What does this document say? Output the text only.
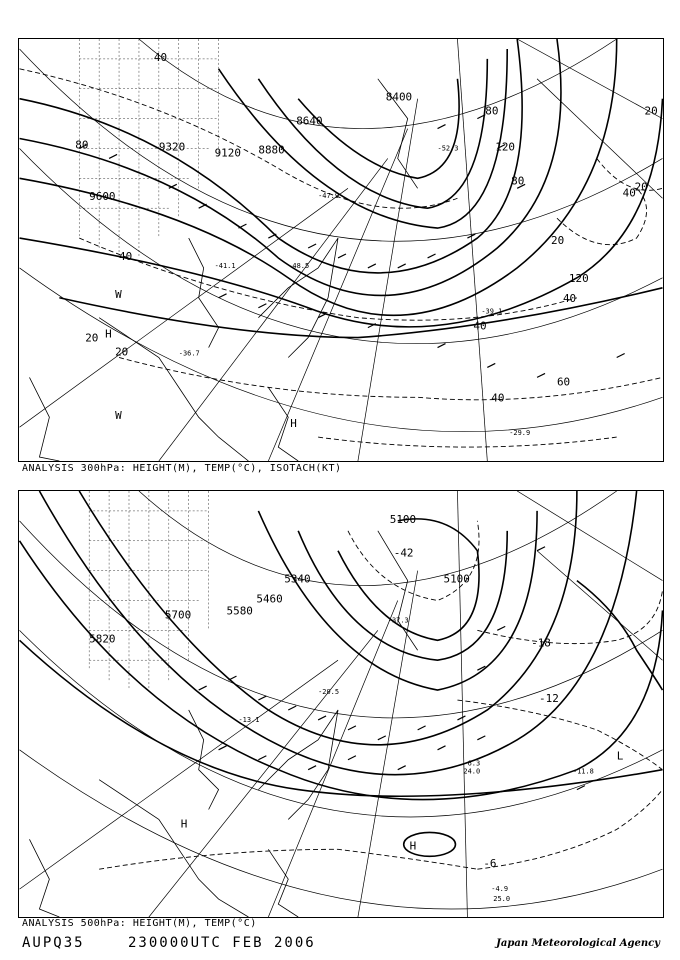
8400
8640
8880
9120
9320
9600
40
80	120
80
40
20
120
60
40
20
40
20
80
40
20
40
20
W
H
W
H
-41.1
-47.9
-52.3
-48.5
-39.1
-29.9
-36.7
ANALYSIS 300hPa: HEIGHT(M), TEMP(°C), ISOTACH(KT)
5100
5100
5340
5460
5580
5700
5820
-42
-18
-12
-6
H
H
L
-37.3
-20.5
-13.1
-6.3
-11.8
-4.9
24.0
25.0
ANALYSIS 500hPa: HEIGHT(M), TEMP(°C)
AUPQ35	230000UTC FEB 2006	Japan Meteorological Agency
